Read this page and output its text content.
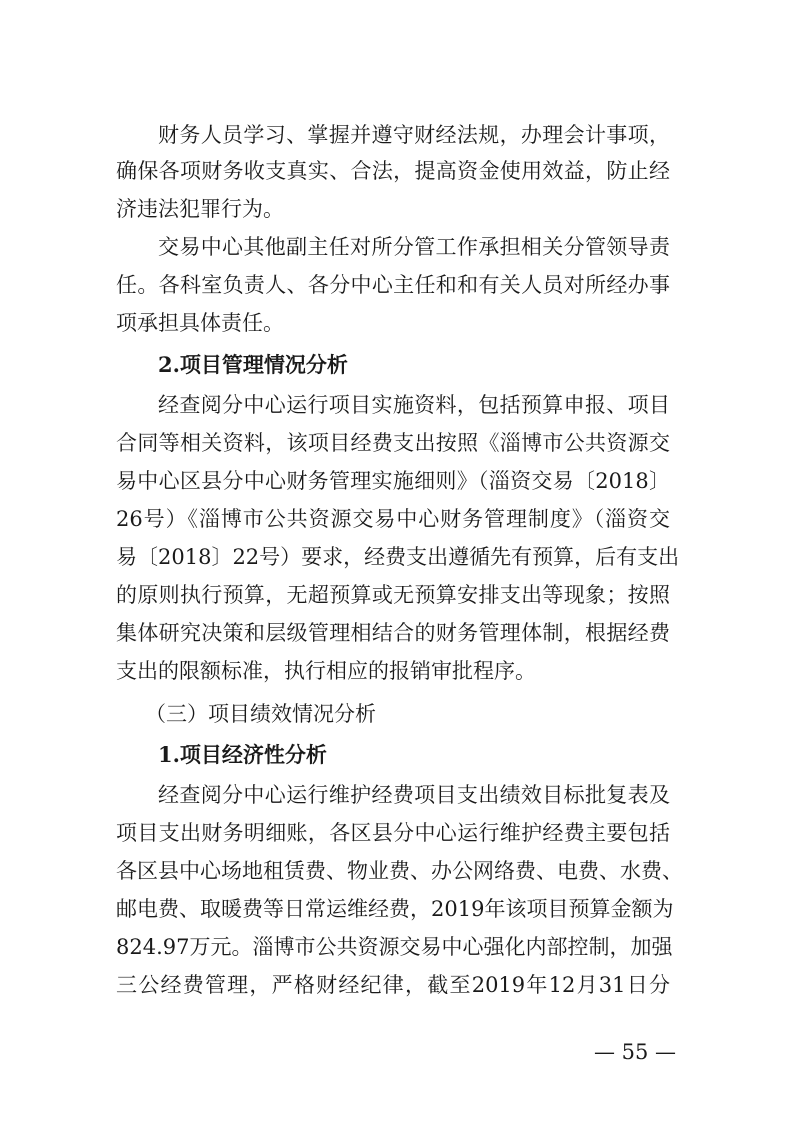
财务人员学习、掌握并遵守财经法规，办理会计事项，
确保各项财务收支真实、合法，提高资金使用效益，防止经
济违法犯罪行为。
交易中心其他副主任对所分管工作承担相关分管领导责
任。各科室负责人、各分中心主任和和有关人员对所经办事
项承担具体责任。
2.项目管理情况分析
经查阅分中心运行项目实施资料，包括预算申报、项目
合同等相关资料，该项目经费支出按照《淄博市公共资源交
易中心区县分中心财务管理实施细则》（淄资交易〔2018〕
26号）《淄博市公共资源交易中心财务管理制度》（淄资交
易〔2018〕22号）要求，经费支出遵循先有预算，后有支出
的原则执行预算，无超预算或无预算安排支出等现象；按照
集体研究决策和层级管理相结合的财务管理体制，根据经费
支出的限额标准，执行相应的报销审批程序。
（三）项目绩效情况分析
1.项目经济性分析
经查阅分中心运行维护经费项目支出绩效目标批复表及
项目支出财务明细账，各区县分中心运行维护经费主要包括
各区县中心场地租赁费、物业费、办公网络费、电费、水费、
邮电费、取暖费等日常运维经费，2019年该项目预算金额为
824.97万元。淄博市公共资源交易中心强化内部控制，加强
三公经费管理，严格财经纪律，截至2019年12月31日分
— 55 —
